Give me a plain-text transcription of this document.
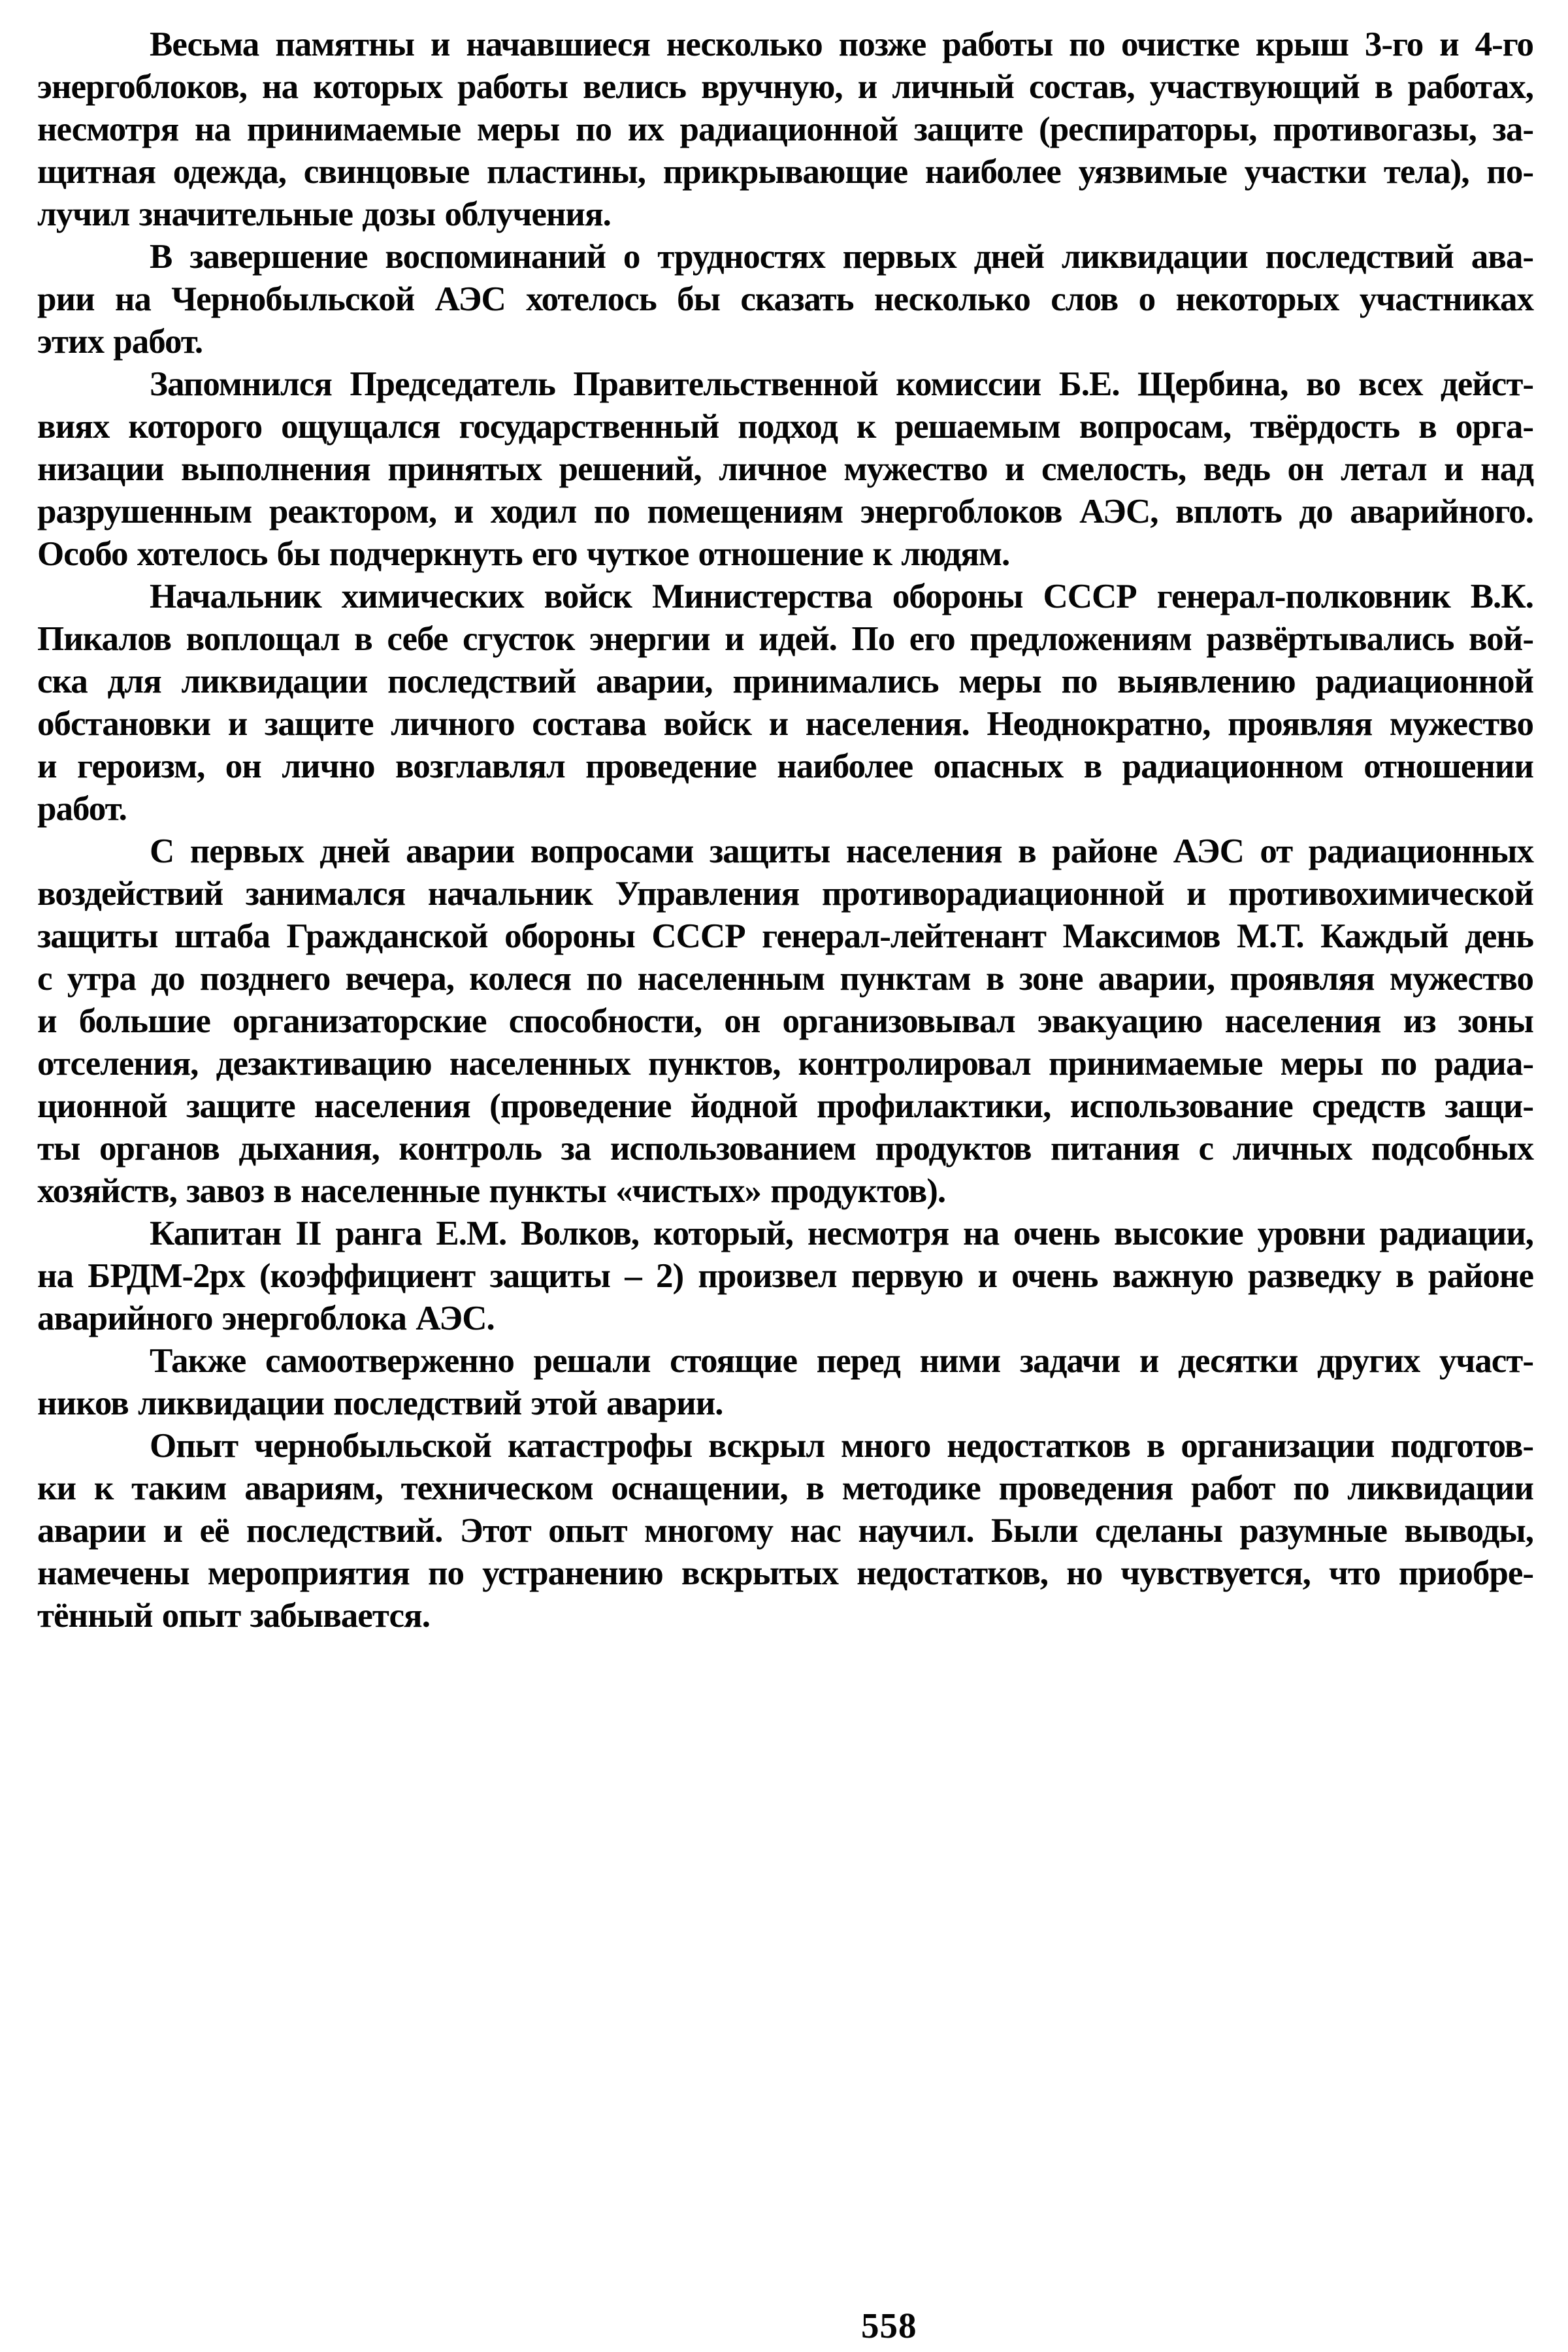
Весьма памятны и начавшиеся несколько позже работы по очистке крыш 3-го и 4-го
энергоблоков, на которых работы велись вручную, и личный состав, участвующий в работах,
несмотря на принимаемые меры по их радиационной защите (респираторы, противогазы, за-
щитная одежда, свинцовые пластины, прикрывающие наиболее уязвимые участки тела), по-
лучил значительные дозы облучения.
В завершение воспоминаний о трудностях первых дней ликвидации последствий ава-
рии на Чернобыльской АЭС хотелось бы сказать несколько слов о некоторых участниках
этих работ.
Запомнился Председатель Правительственной комиссии Б.Е. Щербина, во всех дейст-
виях которого ощущался государственный подход к решаемым вопросам, твёрдость в орга-
низации выполнения принятых решений, личное мужество и смелость, ведь он летал и над
разрушенным реактором, и ходил по помещениям энергоблоков АЭС, вплоть до аварийного.
Особо хотелось бы подчеркнуть его чуткое отношение к людям.
Начальник химических войск Министерства обороны СССР генерал-полковник В.К.
Пикалов воплощал в себе сгусток энергии и идей. По его предложениям развёртывались вой-
ска для ликвидации последствий аварии, принимались меры по выявлению радиационной
обстановки и защите личного состава войск и населения. Неоднократно, проявляя мужество
и героизм, он лично возглавлял проведение наиболее опасных в радиационном отношении
работ.
С первых дней аварии вопросами защиты населения в районе АЭС от радиационных
воздействий занимался начальник Управления противорадиационной и противохимической
защиты штаба Гражданской обороны СССР генерал-лейтенант Максимов М.Т. Каждый день
с утра до позднего вечера, колеся по населенным пунктам в зоне аварии, проявляя мужество
и большие организаторские способности, он организовывал эвакуацию населения из зоны
отселения, дезактивацию населенных пунктов, контролировал принимаемые меры по радиа-
ционной защите населения (проведение йодной профилактики, использование средств защи-
ты органов дыхания, контроль за использованием продуктов питания с личных подсобных
хозяйств, завоз в населенные пункты «чистых» продуктов).
Капитан II ранга Е.М. Волков, который, несмотря на очень высокие уровни радиации,
на БРДМ-2рх (коэффициент защиты – 2) произвел первую и очень важную разведку в районе
аварийного энергоблока АЭС.
Также самоотверженно решали стоящие перед ними задачи и десятки других участ-
ников ликвидации последствий этой аварии.
Опыт чернобыльской катастрофы вскрыл много недостатков в организации подготов-
ки к таким авариям, техническом оснащении, в методике проведения работ по ликвидации
аварии и её последствий. Этот опыт многому нас научил. Были сделаны разумные выводы,
намечены мероприятия по устранению вскрытых недостатков, но чувствуется, что приобре-
тённый опыт забывается.
558
